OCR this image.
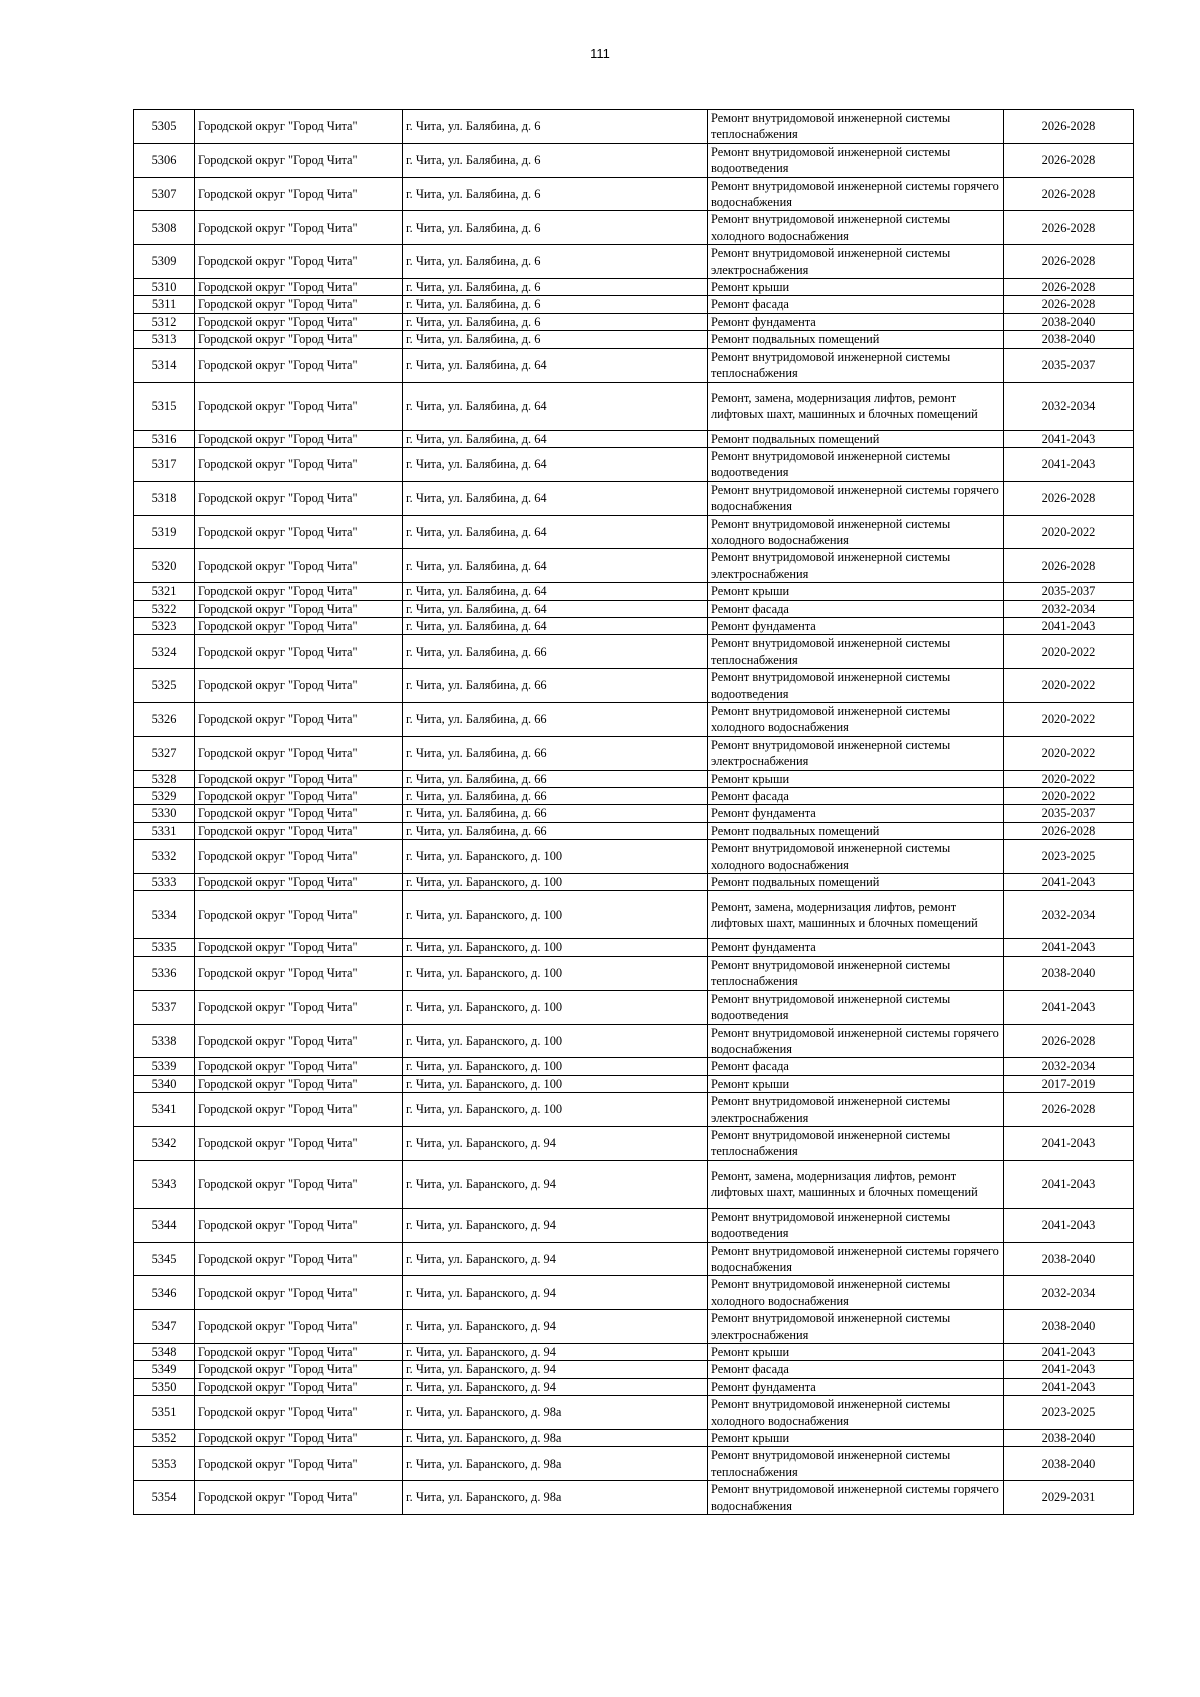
111
5305	Городской округ "Город Чита"	г. Чита, ул. Балябина, д. 6	Ремонт внутридомовой инженерной системы теплоснабжения	2026-2028
5306	Городской округ "Город Чита"	г. Чита, ул. Балябина, д. 6	Ремонт внутридомовой инженерной системы водоотведения	2026-2028
5307	Городской округ "Город Чита"	г. Чита, ул. Балябина, д. 6	Ремонт внутридомовой инженерной системы горячего водоснабжения	2026-2028
5308	Городской округ "Город Чита"	г. Чита, ул. Балябина, д. 6	Ремонт внутридомовой инженерной системы холодного водоснабжения	2026-2028
5309	Городской округ "Город Чита"	г. Чита, ул. Балябина, д. 6	Ремонт внутридомовой инженерной системы электроснабжения	2026-2028
5310	Городской округ "Город Чита"	г. Чита, ул. Балябина, д. 6	Ремонт крыши	2026-2028
5311	Городской округ "Город Чита"	г. Чита, ул. Балябина, д. 6	Ремонт фасада	2026-2028
5312	Городской округ "Город Чита"	г. Чита, ул. Балябина, д. 6	Ремонт фундамента	2038-2040
5313	Городской округ "Город Чита"	г. Чита, ул. Балябина, д. 6	Ремонт подвальных помещений	2038-2040
5314	Городской округ "Город Чита"	г. Чита, ул. Балябина, д. 64	Ремонт внутридомовой инженерной системы теплоснабжения	2035-2037
5315	Городской округ "Город Чита"	г. Чита, ул. Балябина, д. 64	Ремонт, замена, модернизация лифтов, ремонт лифтовых шахт, машинных и блочных помещений	2032-2034
5316	Городской округ "Город Чита"	г. Чита, ул. Балябина, д. 64	Ремонт подвальных помещений	2041-2043
5317	Городской округ "Город Чита"	г. Чита, ул. Балябина, д. 64	Ремонт внутридомовой инженерной системы водоотведения	2041-2043
5318	Городской округ "Город Чита"	г. Чита, ул. Балябина, д. 64	Ремонт внутридомовой инженерной системы горячего водоснабжения	2026-2028
5319	Городской округ "Город Чита"	г. Чита, ул. Балябина, д. 64	Ремонт внутридомовой инженерной системы холодного водоснабжения	2020-2022
5320	Городской округ "Город Чита"	г. Чита, ул. Балябина, д. 64	Ремонт внутридомовой инженерной системы электроснабжения	2026-2028
5321	Городской округ "Город Чита"	г. Чита, ул. Балябина, д. 64	Ремонт крыши	2035-2037
5322	Городской округ "Город Чита"	г. Чита, ул. Балябина, д. 64	Ремонт фасада	2032-2034
5323	Городской округ "Город Чита"	г. Чита, ул. Балябина, д. 64	Ремонт фундамента	2041-2043
5324	Городской округ "Город Чита"	г. Чита, ул. Балябина, д. 66	Ремонт внутридомовой инженерной системы теплоснабжения	2020-2022
5325	Городской округ "Город Чита"	г. Чита, ул. Балябина, д. 66	Ремонт внутридомовой инженерной системы водоотведения	2020-2022
5326	Городской округ "Город Чита"	г. Чита, ул. Балябина, д. 66	Ремонт внутридомовой инженерной системы холодного водоснабжения	2020-2022
5327	Городской округ "Город Чита"	г. Чита, ул. Балябина, д. 66	Ремонт внутридомовой инженерной системы электроснабжения	2020-2022
5328	Городской округ "Город Чита"	г. Чита, ул. Балябина, д. 66	Ремонт крыши	2020-2022
5329	Городской округ "Город Чита"	г. Чита, ул. Балябина, д. 66	Ремонт фасада	2020-2022
5330	Городской округ "Город Чита"	г. Чита, ул. Балябина, д. 66	Ремонт фундамента	2035-2037
5331	Городской округ "Город Чита"	г. Чита, ул. Балябина, д. 66	Ремонт подвальных помещений	2026-2028
5332	Городской округ "Город Чита"	г. Чита, ул. Баранского, д. 100	Ремонт внутридомовой инженерной системы холодного водоснабжения	2023-2025
5333	Городской округ "Город Чита"	г. Чита, ул. Баранского, д. 100	Ремонт подвальных помещений	2041-2043
5334	Городской округ "Город Чита"	г. Чита, ул. Баранского, д. 100	Ремонт, замена, модернизация лифтов, ремонт лифтовых шахт, машинных и блочных помещений	2032-2034
5335	Городской округ "Город Чита"	г. Чита, ул. Баранского, д. 100	Ремонт фундамента	2041-2043
5336	Городской округ "Город Чита"	г. Чита, ул. Баранского, д. 100	Ремонт внутридомовой инженерной системы теплоснабжения	2038-2040
5337	Городской округ "Город Чита"	г. Чита, ул. Баранского, д. 100	Ремонт внутридомовой инженерной системы водоотведения	2041-2043
5338	Городской округ "Город Чита"	г. Чита, ул. Баранского, д. 100	Ремонт внутридомовой инженерной системы горячего водоснабжения	2026-2028
5339	Городской округ "Город Чита"	г. Чита, ул. Баранского, д. 100	Ремонт фасада	2032-2034
5340	Городской округ "Город Чита"	г. Чита, ул. Баранского, д. 100	Ремонт крыши	2017-2019
5341	Городской округ "Город Чита"	г. Чита, ул. Баранского, д. 100	Ремонт внутридомовой инженерной системы электроснабжения	2026-2028
5342	Городской округ "Город Чита"	г. Чита, ул. Баранского, д. 94	Ремонт внутридомовой инженерной системы теплоснабжения	2041-2043
5343	Городской округ "Город Чита"	г. Чита, ул. Баранского, д. 94	Ремонт, замена, модернизация лифтов, ремонт лифтовых шахт, машинных и блочных помещений	2041-2043
5344	Городской округ "Город Чита"	г. Чита, ул. Баранского, д. 94	Ремонт внутридомовой инженерной системы водоотведения	2041-2043
5345	Городской округ "Город Чита"	г. Чита, ул. Баранского, д. 94	Ремонт внутридомовой инженерной системы горячего водоснабжения	2038-2040
5346	Городской округ "Город Чита"	г. Чита, ул. Баранского, д. 94	Ремонт внутридомовой инженерной системы холодного водоснабжения	2032-2034
5347	Городской округ "Город Чита"	г. Чита, ул. Баранского, д. 94	Ремонт внутридомовой инженерной системы электроснабжения	2038-2040
5348	Городской округ "Город Чита"	г. Чита, ул. Баранского, д. 94	Ремонт крыши	2041-2043
5349	Городской округ "Город Чита"	г. Чита, ул. Баранского, д. 94	Ремонт фасада	2041-2043
5350	Городской округ "Город Чита"	г. Чита, ул. Баранского, д. 94	Ремонт фундамента	2041-2043
5351	Городской округ "Город Чита"	г. Чита, ул. Баранского, д. 98а	Ремонт внутридомовой инженерной системы холодного водоснабжения	2023-2025
5352	Городской округ "Город Чита"	г. Чита, ул. Баранского, д. 98а	Ремонт крыши	2038-2040
5353	Городской округ "Город Чита"	г. Чита, ул. Баранского, д. 98а	Ремонт внутридомовой инженерной системы теплоснабжения	2038-2040
5354	Городской округ "Город Чита"	г. Чита, ул. Баранского, д. 98а	Ремонт внутридомовой инженерной системы горячего водоснабжения	2029-2031
